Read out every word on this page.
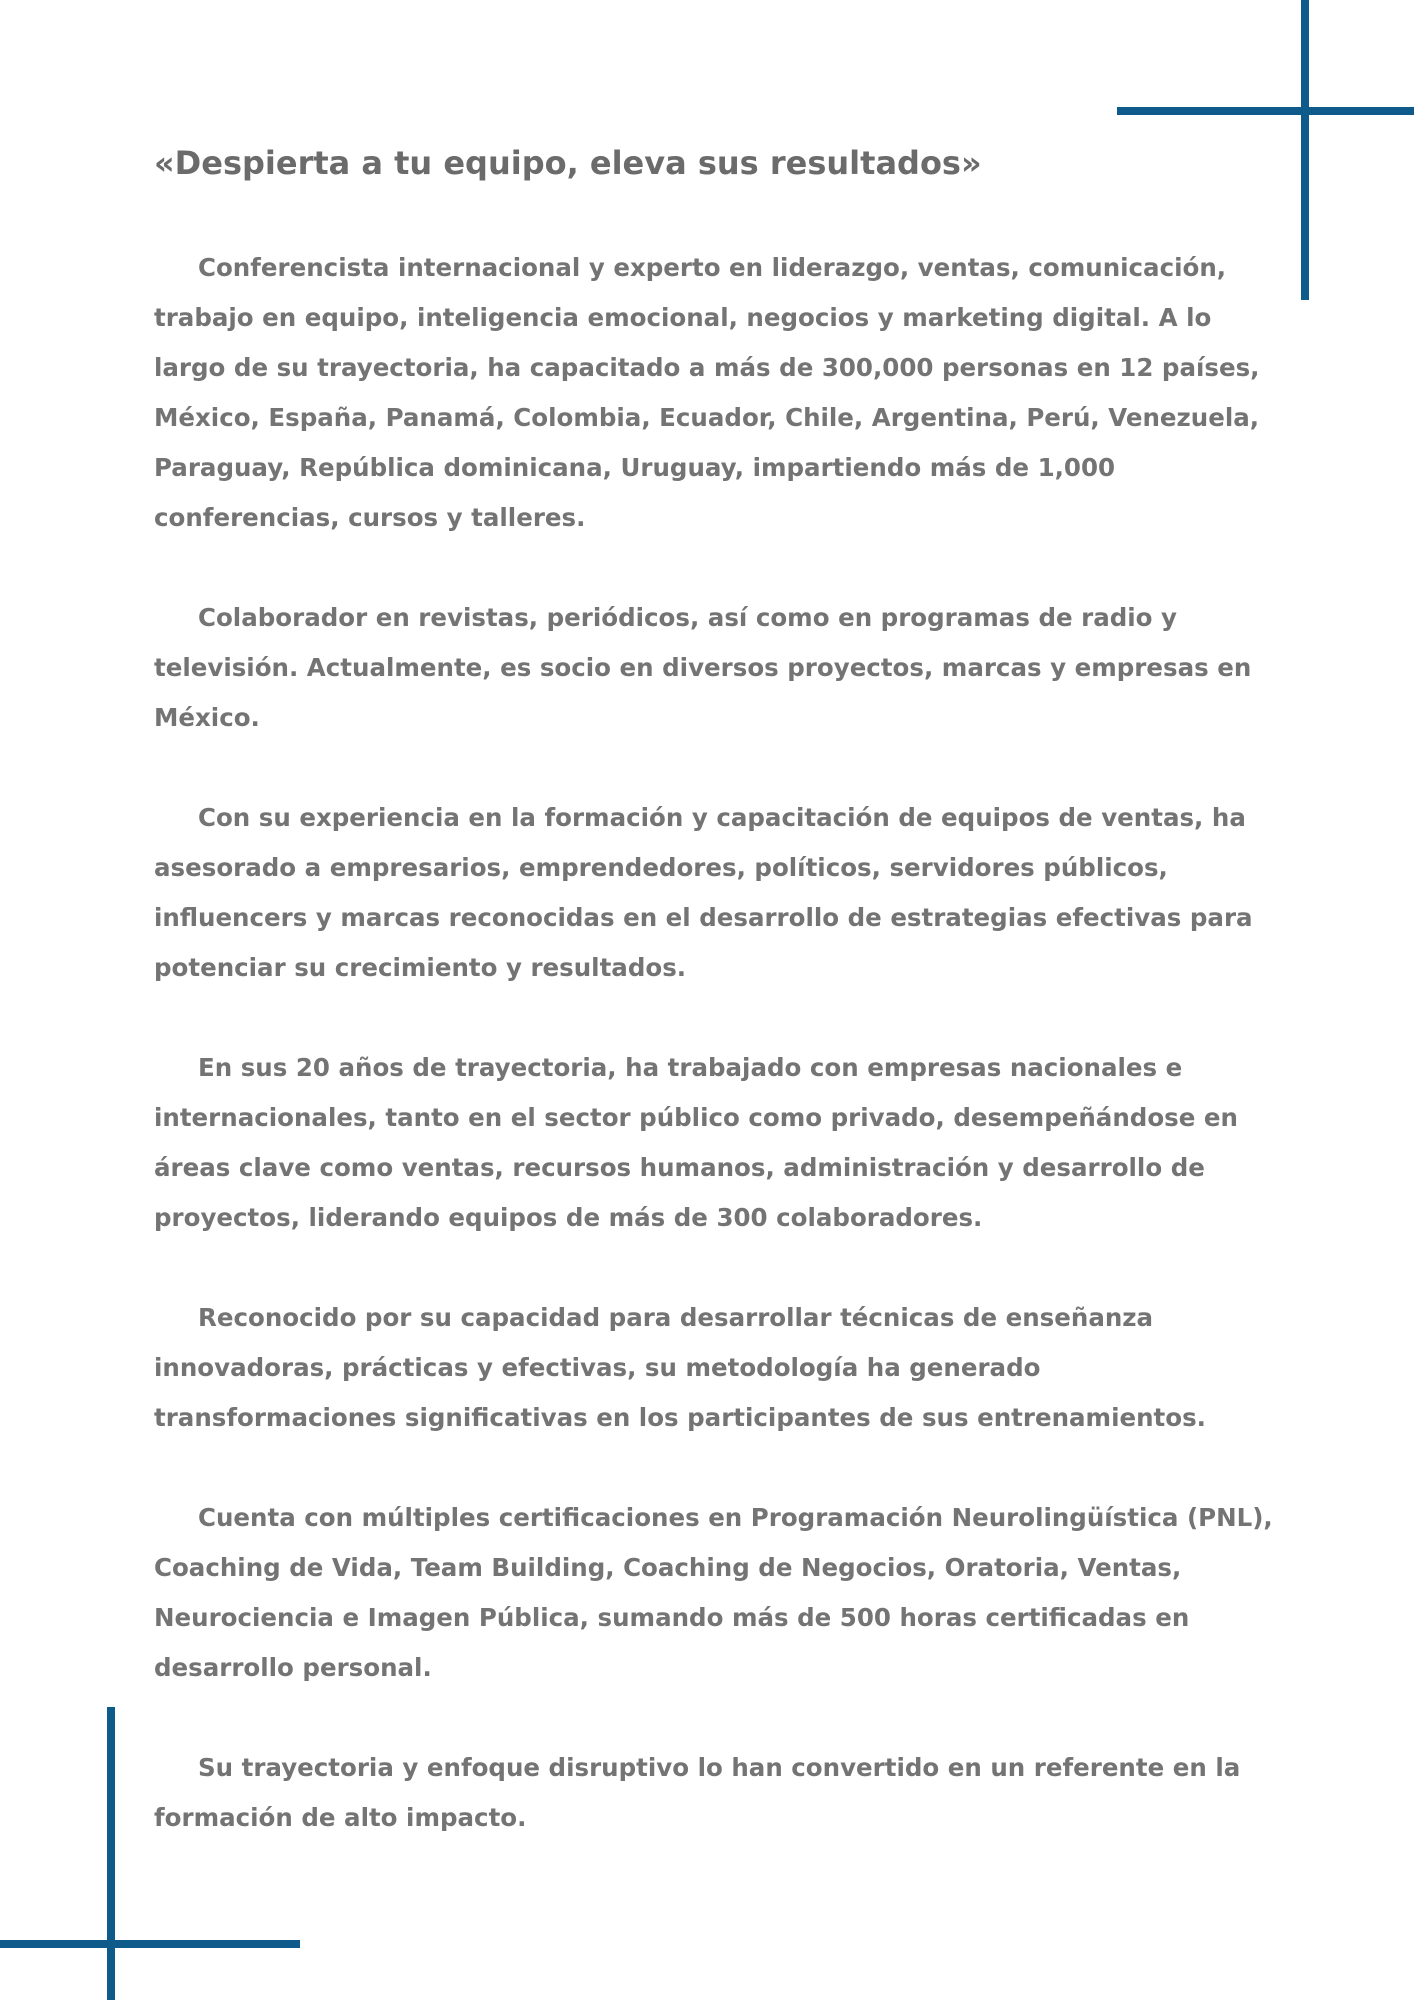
«Despierta a tu equipo, eleva sus resultados»

Conferencista internacional y experto en liderazgo, ventas, comunicación, trabajo en equipo, inteligencia emocional, negocios y marketing digital. A lo largo de su trayectoria, ha capacitado a más de 300,000 personas en 12 países, México, España, Panamá, Colombia, Ecuador, Chile, Argentina, Perú, Venezuela, Paraguay, República dominicana, Uruguay, impartiendo más de 1,000 conferencias, cursos y talleres.

Colaborador en revistas, periódicos, así como en programas de radio y televisión. Actualmente, es socio en diversos proyectos, marcas y empresas en México.

Con su experiencia en la formación y capacitación de equipos de ventas, ha asesorado a empresarios, emprendedores, políticos, servidores públicos, influencers y marcas reconocidas en el desarrollo de estrategias efectivas para potenciar su crecimiento y resultados.

En sus 20 años de trayectoria, ha trabajado con empresas nacionales e internacionales, tanto en el sector público como privado, desempeñándose en áreas clave como ventas, recursos humanos, administración y desarrollo de proyectos, liderando equipos de más de 300 colaboradores.

Reconocido por su capacidad para desarrollar técnicas de enseñanza innovadoras, prácticas y efectivas, su metodología ha generado transformaciones significativas en los participantes de sus entrenamientos.

Cuenta con múltiples certificaciones en Programación Neurolingüística (PNL), Coaching de Vida, Team Building, Coaching de Negocios, Oratoria, Ventas, Neurociencia e Imagen Pública, sumando más de 500 horas certificadas en desarrollo personal.

Su trayectoria y enfoque disruptivo lo han convertido en un referente en la formación de alto impacto.
